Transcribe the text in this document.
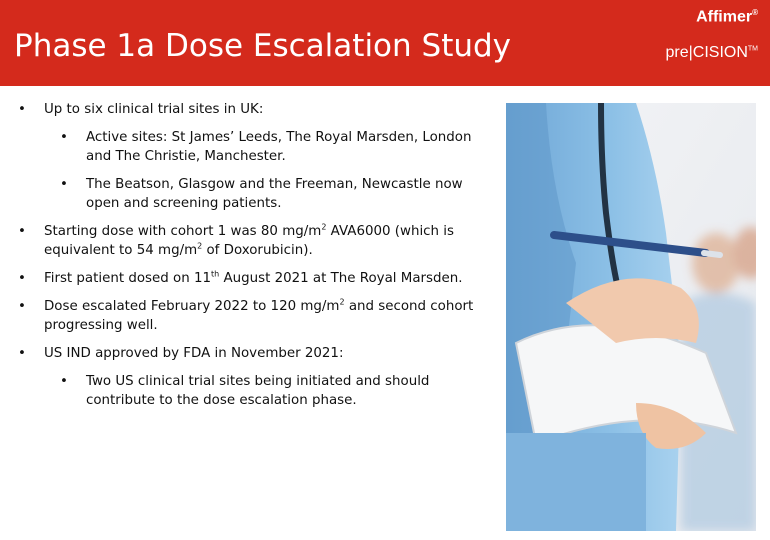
Phase 1a Dose Escalation Study
Affimer®
pre|CISION™
• Up to six clinical trial sites in UK:
• Active sites: St James’ Leeds, The Royal Marsden, London and The Christie, Manchester.
• The Beatson, Glasgow and the Freeman, Newcastle now open and screening patients.
• Starting dose with cohort 1 was 80 $mg/m^2$ AVA6000 (which is equivalent to 54 $mg/m^2$ of Doxorubicin).
• First patient dosed on 11th August 2021 at The Royal Marsden.
• Dose escalated February 2022 to 120 $mg/m^2$ and second cohort progressing well.
• US IND approved by FDA in November 2021:
• Two US clinical trial sites being initiated and should contribute to the dose escalation phase.
